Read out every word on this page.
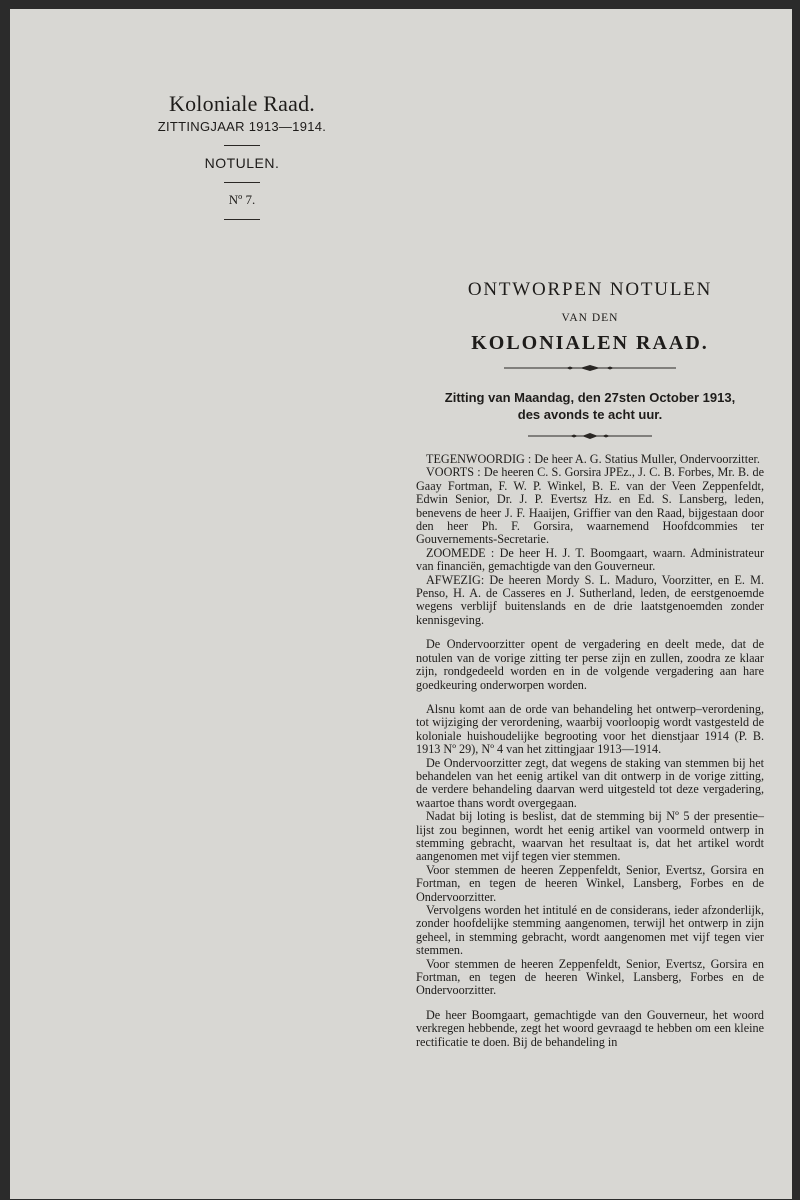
Koloniale Raad.
ZITTINGJAAR 1913—1914.
NOTULEN.
Nº 7.
ONTWORPEN NOTULEN
VAN DEN
KOLONIALEN RAAD.
Zitting van Maandag, den 27sten October 1913,
des avonds te acht uur.

TEGENWOORDIG : De heer A. G. Statius Muller, Ondervoorzitter.

VOORTS : De heeren C. S. Gorsira JPEz., J. C. B. Forbes, Mr. B. de Gaay Fortman, F. W. P. Winkel, B. E. van der Veen Zeppenfeldt, Edwin Senior, Dr. J. P. Evertsz Hz. en Ed. S. Lansberg, leden, benevens de heer J. F. Haaijen, Griffier van den Raad, bijgestaan door den heer Ph. F. Gorsira, waarnemend Hoofdcommies ter Gouvernements-Secretarie.

ZOOMEDE : De heer H. J. T. Boomgaart, waarn. Administrateur van financiën, gemachtigde van den Gouverneur.

AFWEZIG: De heeren Mordy S. L. Maduro, Voorzitter, en E. M. Penso, H. A. de Casseres en J. Sutherland, leden, de eerstgenoemde wegens verblijf buitenslands en de drie laatstgenoemden zonder kennisgeving.

De Ondervoorzitter opent de vergadering en deelt mede, dat de notulen van de vorige zitting ter perse zijn en zullen, zoodra ze klaar zijn, rondgedeeld worden en in de volgende vergadering aan hare goedkeuring onderworpen worden.

Alsnu komt aan de orde van behandeling het ontwerp–verordening, tot wijziging der verordening, waarbij voorloopig wordt vastgesteld de koloniale huishoudelijke begrooting voor het dienstjaar 1914 (P. B. 1913 Nº 29), Nº 4 van het zittingjaar 1913—1914.

De Ondervoorzitter zegt, dat wegens de staking van stemmen bij het behandelen van het eenig artikel van dit ontwerp in de vorige zitting, de verdere behandeling daarvan werd uitgesteld tot deze vergadering, waartoe thans wordt overgegaan.

Nadat bij loting is beslist, dat de stemming bij Nº 5 der presentie–lijst zou beginnen, wordt het eenig artikel van voormeld ontwerp in stemming gebracht, waarvan het resultaat is, dat het artikel wordt aangenomen met vijf tegen vier stemmen.

Voor stemmen de heeren Zeppenfeldt, Senior, Evertsz, Gorsira en Fortman, en tegen de heeren Winkel, Lansberg, Forbes en de Ondervoorzitter.

Vervolgens worden het intitulé en de considerans, ieder afzonderlijk, zonder hoofdelijke stemming aangenomen, terwijl het ontwerp in zijn geheel, in stemming gebracht, wordt aangenomen met vijf tegen vier stemmen.

Voor stemmen de heeren Zeppenfeldt, Senior, Evertsz, Gorsira en Fortman, en tegen de heeren Winkel, Lansberg, Forbes en de Ondervoorzitter.

De heer Boomgaart, gemachtigde van den Gouverneur, het woord verkregen hebbende, zegt het woord gevraagd te hebben om een kleine rectificatie te doen. Bij de behandeling in
